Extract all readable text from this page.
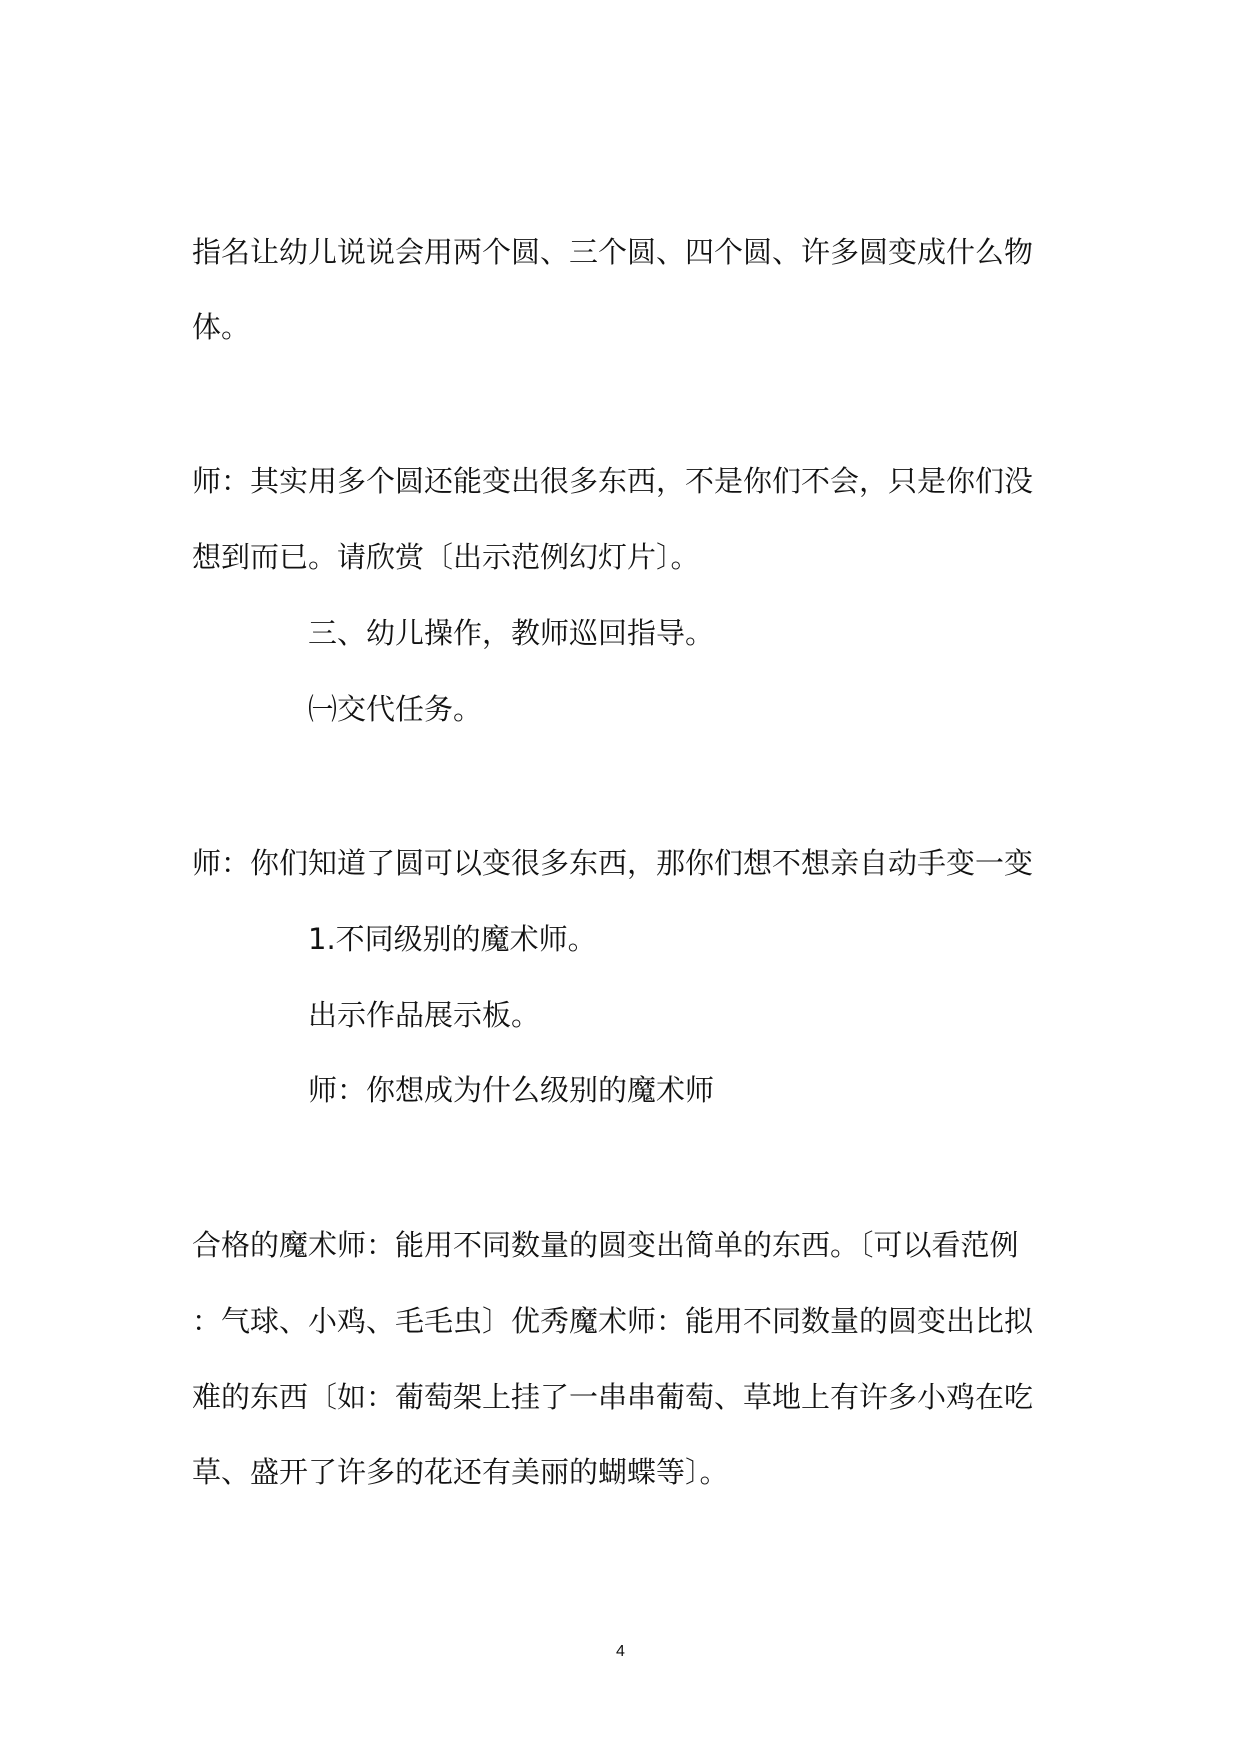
指名让幼儿说说会用两个圆、三个圆、四个圆、许多圆变成什么物
体。
师：其实用多个圆还能变出很多东西，不是你们不会，只是你们没
想到而已。请欣赏〔出示范例幻灯片〕。
三、幼儿操作，教师巡回指导。
㈠交代任务。
师：你们知道了圆可以变很多东西，那你们想不想亲自动手变一变
1.不同级别的魔术师。
出示作品展示板。
师：你想成为什么级别的魔术师
合格的魔术师：能用不同数量的圆变出简单的东西。〔可以看范例
：气球、小鸡、毛毛虫〕优秀魔术师：能用不同数量的圆变出比拟
难的东西〔如：葡萄架上挂了一串串葡萄、草地上有许多小鸡在吃
草、盛开了许多的花还有美丽的蝴蝶等〕。
4
